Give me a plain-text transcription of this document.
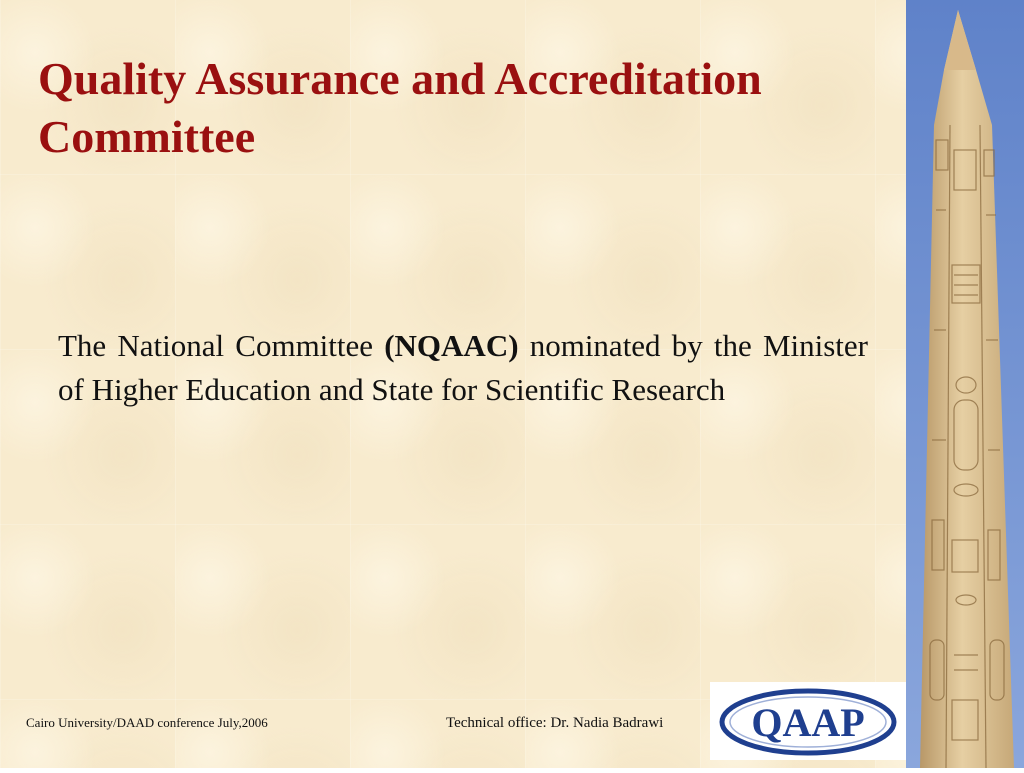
Quality Assurance and Accreditation Committee

The National Committee (NQAAC) nominated by the Minister of Higher Education and State for Scientific Research

Cairo University/DAAD conference July,2006	Technical office: Dr. Nadia Badrawi QAAP
